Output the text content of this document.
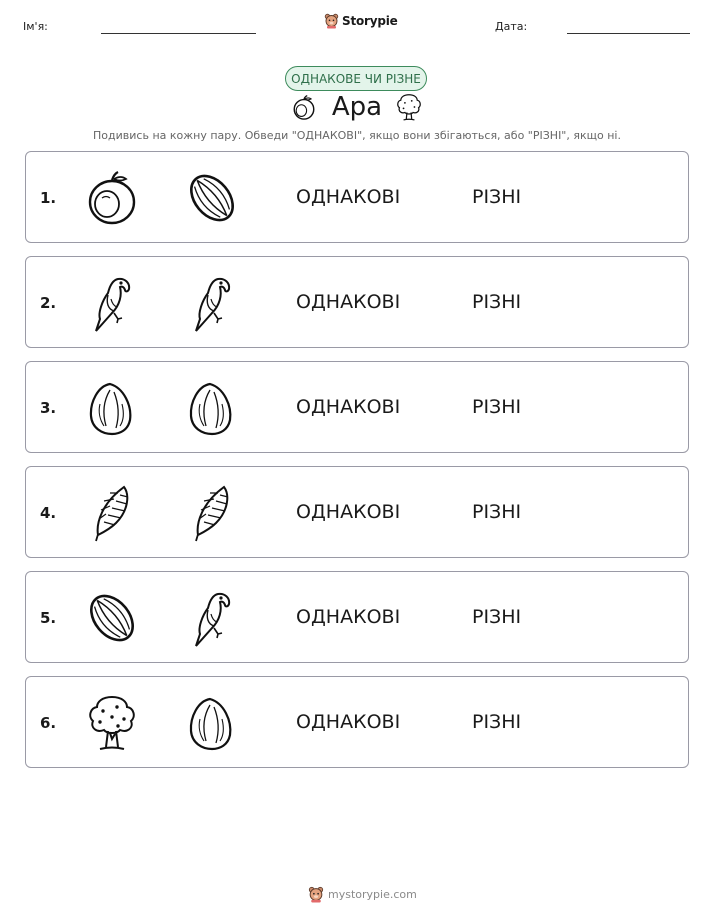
Ім'я:	Storypie	Дата:
ОДНАКОВЕ ЧИ РІЗНЕ
Ара
Подивись на кожну пару. Обведи "ОДНАКОВІ", якщо вони збігаються, або "РІЗНІ", якщо ні.
1.	ОДНАКОВІ	РІЗНІ
2.	ОДНАКОВІ	РІЗНІ
3.	ОДНАКОВІ	РІЗНІ
4.	ОДНАКОВІ	РІЗНІ
5.	ОДНАКОВІ	РІЗНІ
6.	ОДНАКОВІ	РІЗНІ
mystorypie.com
